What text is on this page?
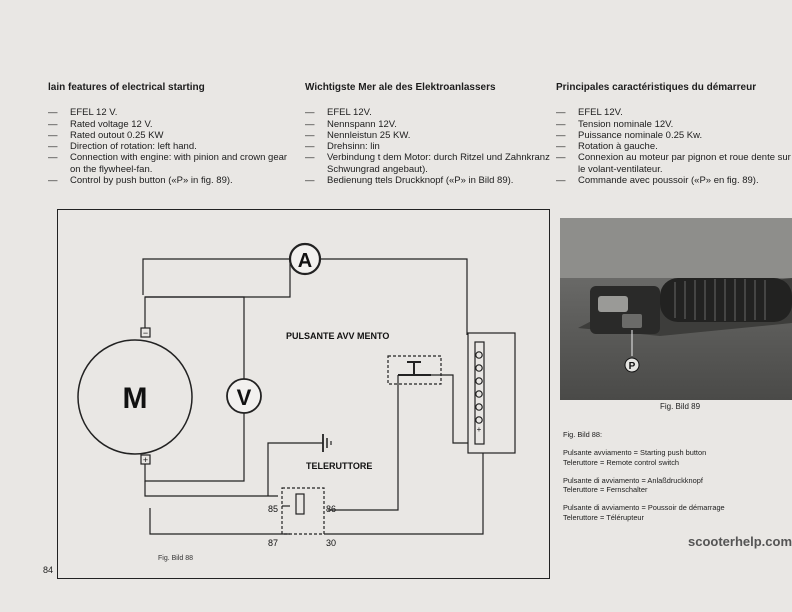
lain features of electrical starting
— EFEL 12 V.
— Rated voltage 12 V.
— Rated outout 0.25 KW
— Direction of rotation: left hand.
— Connection with engine: with pinion and crown gear on the flywheel-fan.
— Control by push button («P» in fig. 89).
Wichtigste Mer ale des Elektroanlassers
— EFEL 12V.
— Nennspann 12V.
— Nennleistun 25 KW.
— Drehsinn: lin
— Verbindung t dem Motor: durch Ritzel und Zahnkranz Schwungrad angebaut).
— Bedienung ttels Druckknopf («P» in Bild 89).
Principales caractéristiques du démarreur
— EFEL 12V.
— Tension nominale 12V.
— Puissance nominale 0.25 Kw.
— Rotation à gauche.
— Connexion au moteur par pignon et roue dente sur le volant-ventilateur.
— Commande avec poussoir («P» en fig. 89).
M
−
+
A
V
+
PULSANTE AVV MENTO
TELERUTTORE
85	86
87	30
Fig. Bild 88
P
Fig. Bild 89
Fig. Bild 88:
Pulsante avviamento = Starting push button
Teleruttore = Remote control switch
Pulsante di avviamento = Anlaßdruckknopf
Teleruttore = Fernschalter
Pulsante di avviamento = Poussoir de démarrage
Teleruttore = Télérupteur
scooterhelp.com
84
